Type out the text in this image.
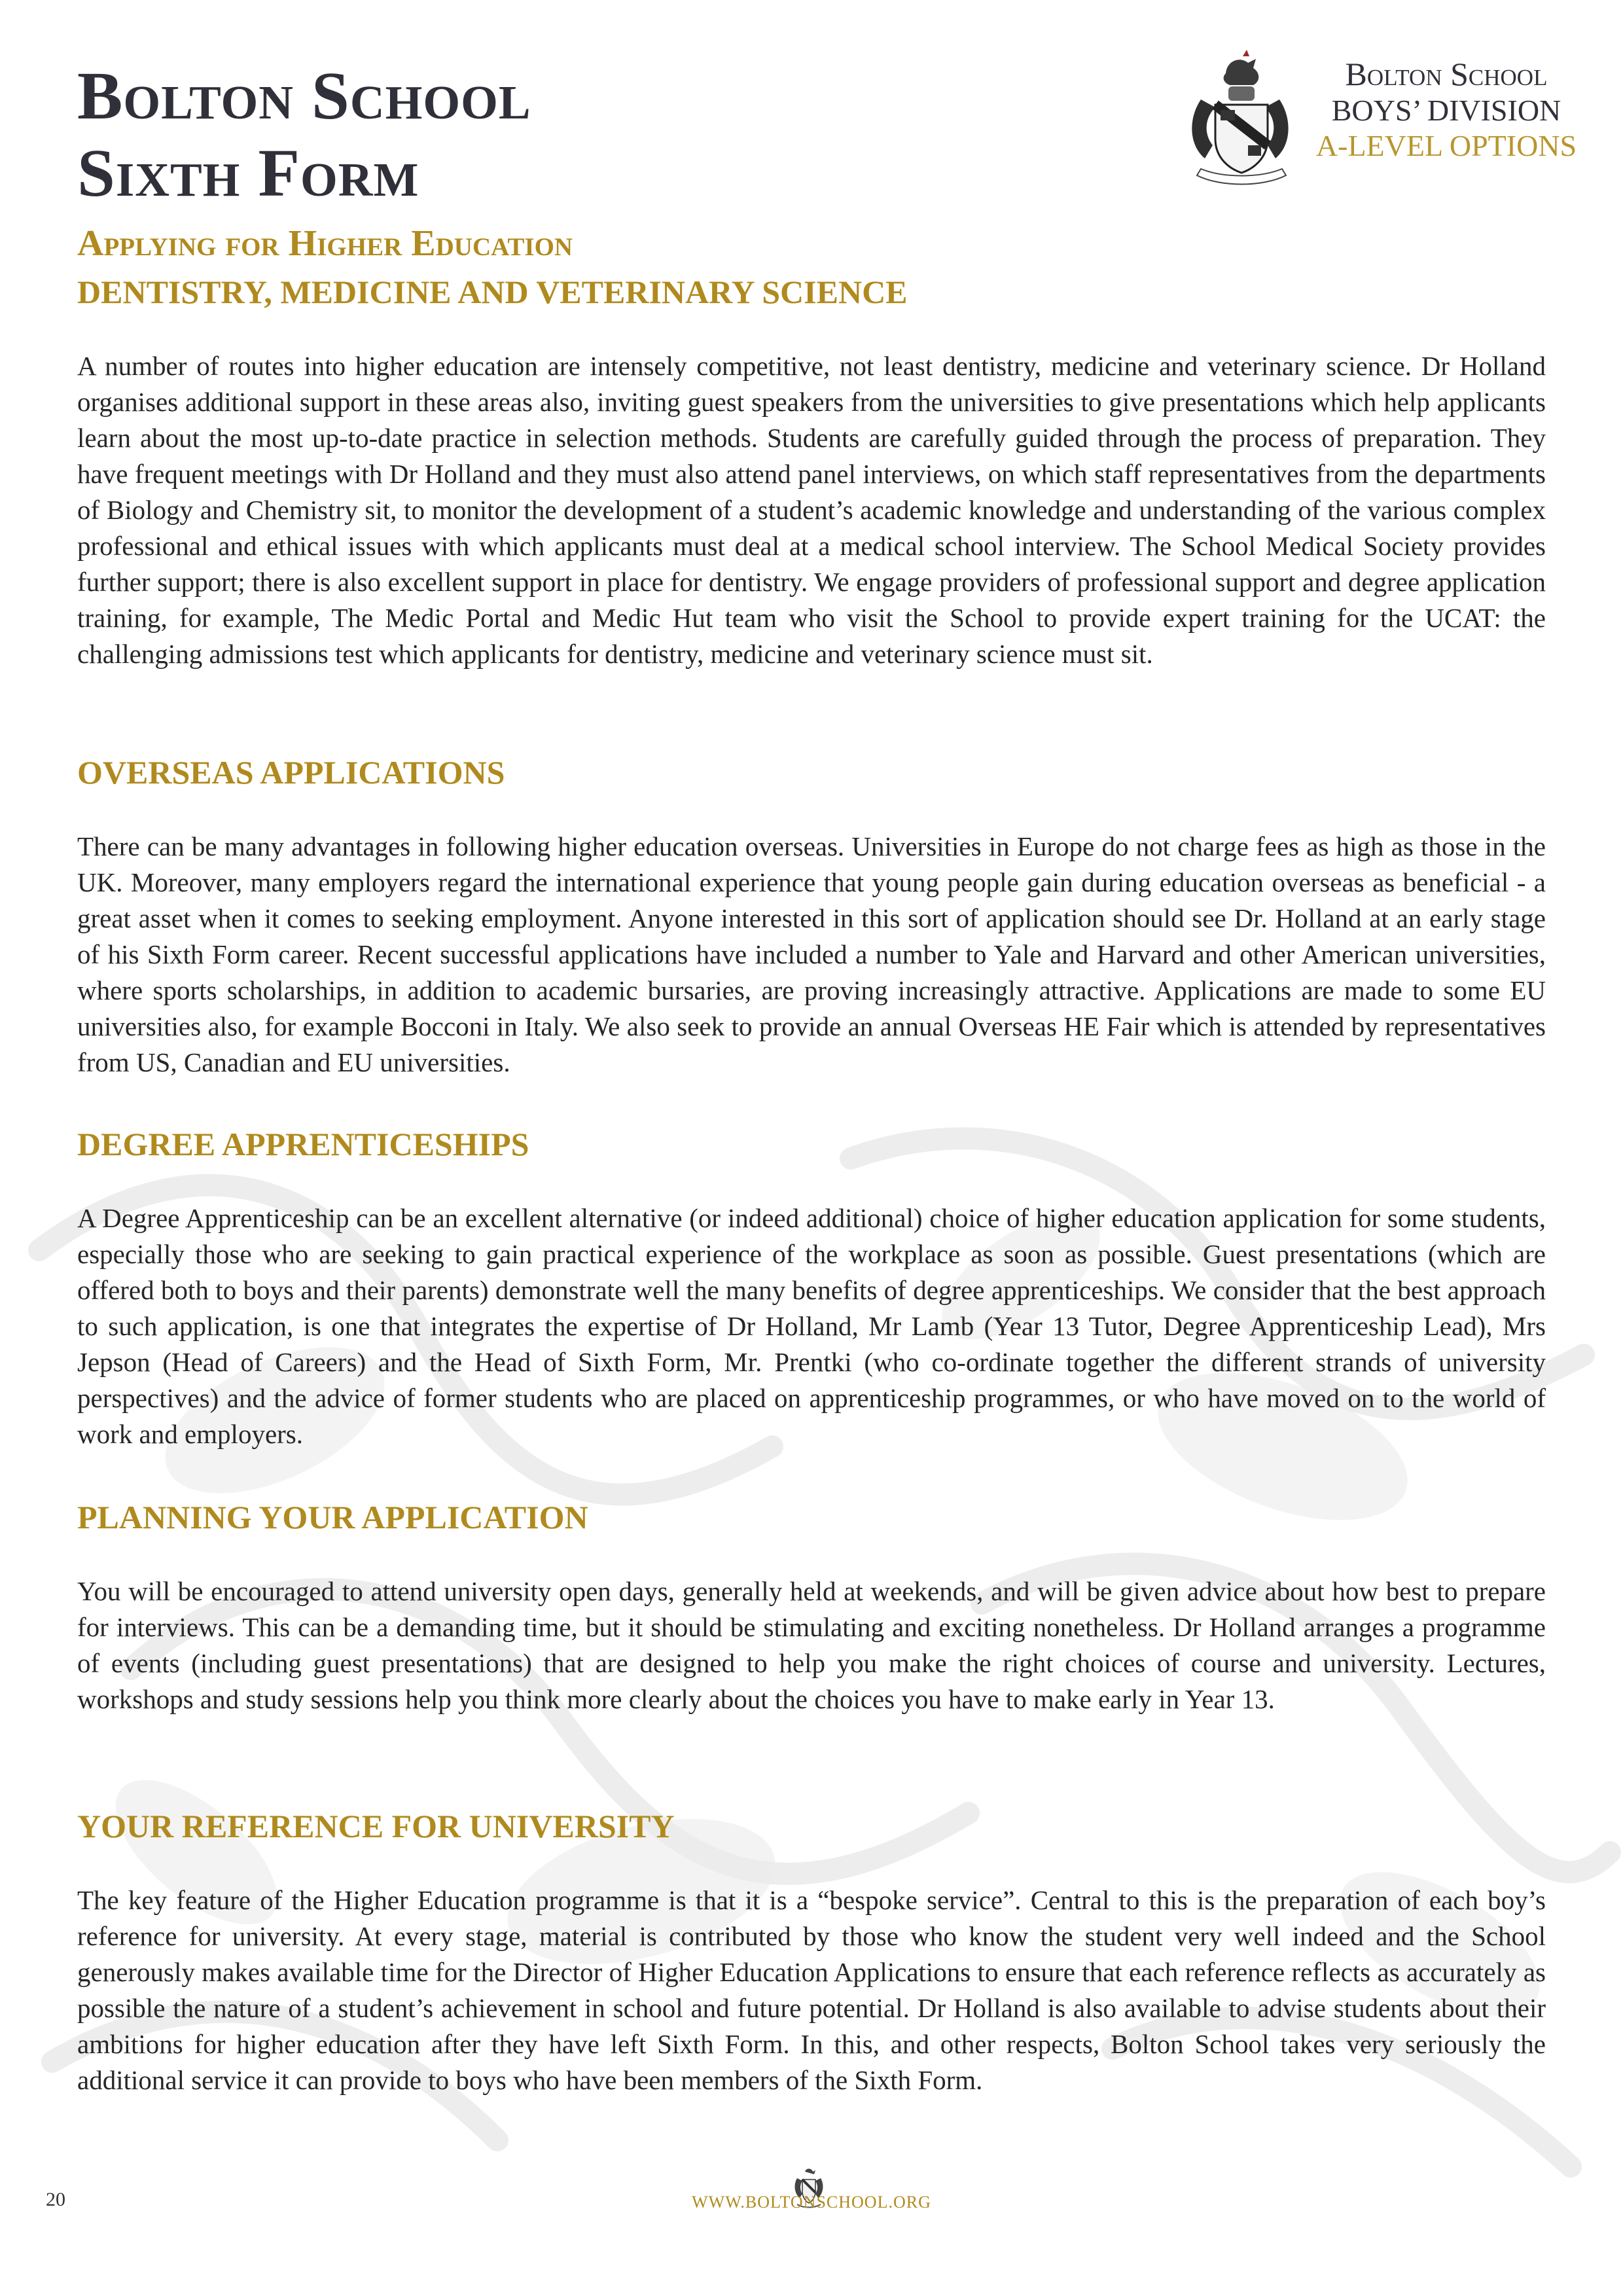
Bolton School
Sixth Form
Bolton School
BOYS’ DIVISION
A-LEVEL OPTIONS
Applying for Higher Education
DENTISTRY, MEDICINE AND VETERINARY SCIENCE

A number of routes into higher education are intensely competitive, not least dentistry, medicine and veterinary science. Dr Holland organises additional support in these areas also, inviting guest speakers from the universities to give presentations which help applicants learn about the most up-to-date practice in selection methods. Students are carefully guided through the process of preparation. They have frequent meetings with Dr Holland and they must also attend panel interviews, on which staff representatives from the departments of Biology and Chemistry sit, to monitor the development of a student’s academic knowledge and understanding of the various complex professional and ethical issues with which applicants must deal at a medical school interview. The School Medical Society provides further support; there is also excellent support in place for dentistry. We engage providers of professional support and degree application training, for example, The Medic Portal and Medic Hut team who visit the School to provide expert training for the UCAT: the challenging admissions test which applicants for dentistry, medicine and veterinary science must sit.

OVERSEAS APPLICATIONS

There can be many advantages in following higher education overseas. Universities in Europe do not charge fees as high as those in the UK. Moreover, many employers regard the international experience that young people gain during education overseas as beneficial - a great asset when it comes to seeking employment. Anyone interested in this sort of application should see Dr. Holland at an early stage of his Sixth Form career. Recent successful applications have included a number to Yale and Harvard and other American universities, where sports scholarships, in addition to academic bursaries, are proving increasingly attractive. Applications are made to some EU universities also, for example Bocconi in Italy. We also seek to provide an annual Overseas HE Fair which is attended by representatives from US, Canadian and EU universities.

DEGREE APPRENTICESHIPS

A Degree Apprenticeship can be an excellent alternative (or indeed additional) choice of higher education application for some students, especially those who are seeking to gain practical experience of the workplace as soon as possible. Guest presentations (which are offered both to boys and their parents) demonstrate well the many benefits of degree apprenticeships. We consider that the best approach to such application, is one that integrates the expertise of Dr Holland, Mr Lamb (Year 13 Tutor, Degree Apprenticeship Lead), Mrs Jepson (Head of Careers) and the Head of Sixth Form, Mr. Prentki (who co-ordinate together the different strands of university perspectives) and the advice of former students who are placed on apprenticeship programmes, or who have moved on to the world of work and employers.

PLANNING YOUR APPLICATION

You will be encouraged to attend university open days, generally held at weekends, and will be given advice about how best to prepare for interviews. This can be a demanding time, but it should be stimulating and exciting nonetheless. Dr Holland arranges a programme of events (including guest presentations) that are designed to help you make the right choices of course and university. Lectures, workshops and study sessions help you think more clearly about the choices you have to make early in Year 13.

YOUR REFERENCE FOR UNIVERSITY

The key feature of the Higher Education programme is that it is a “bespoke service”. Central to this is the preparation of each boy’s reference for university. At every stage, material is contributed by those who know the student very well indeed and the School generously makes available time for the Director of Higher Education Applications to ensure that each reference reflects as accurately as possible the nature of a student’s achievement in school and future potential. Dr Holland is also available to advise students about their ambitions for higher education after they have left Sixth Form. In this, and other respects, Bolton School takes very seriously the additional service it can provide to boys who have been members of the Sixth Form.

20	WWW.BOLTONSCHOOL.ORG
